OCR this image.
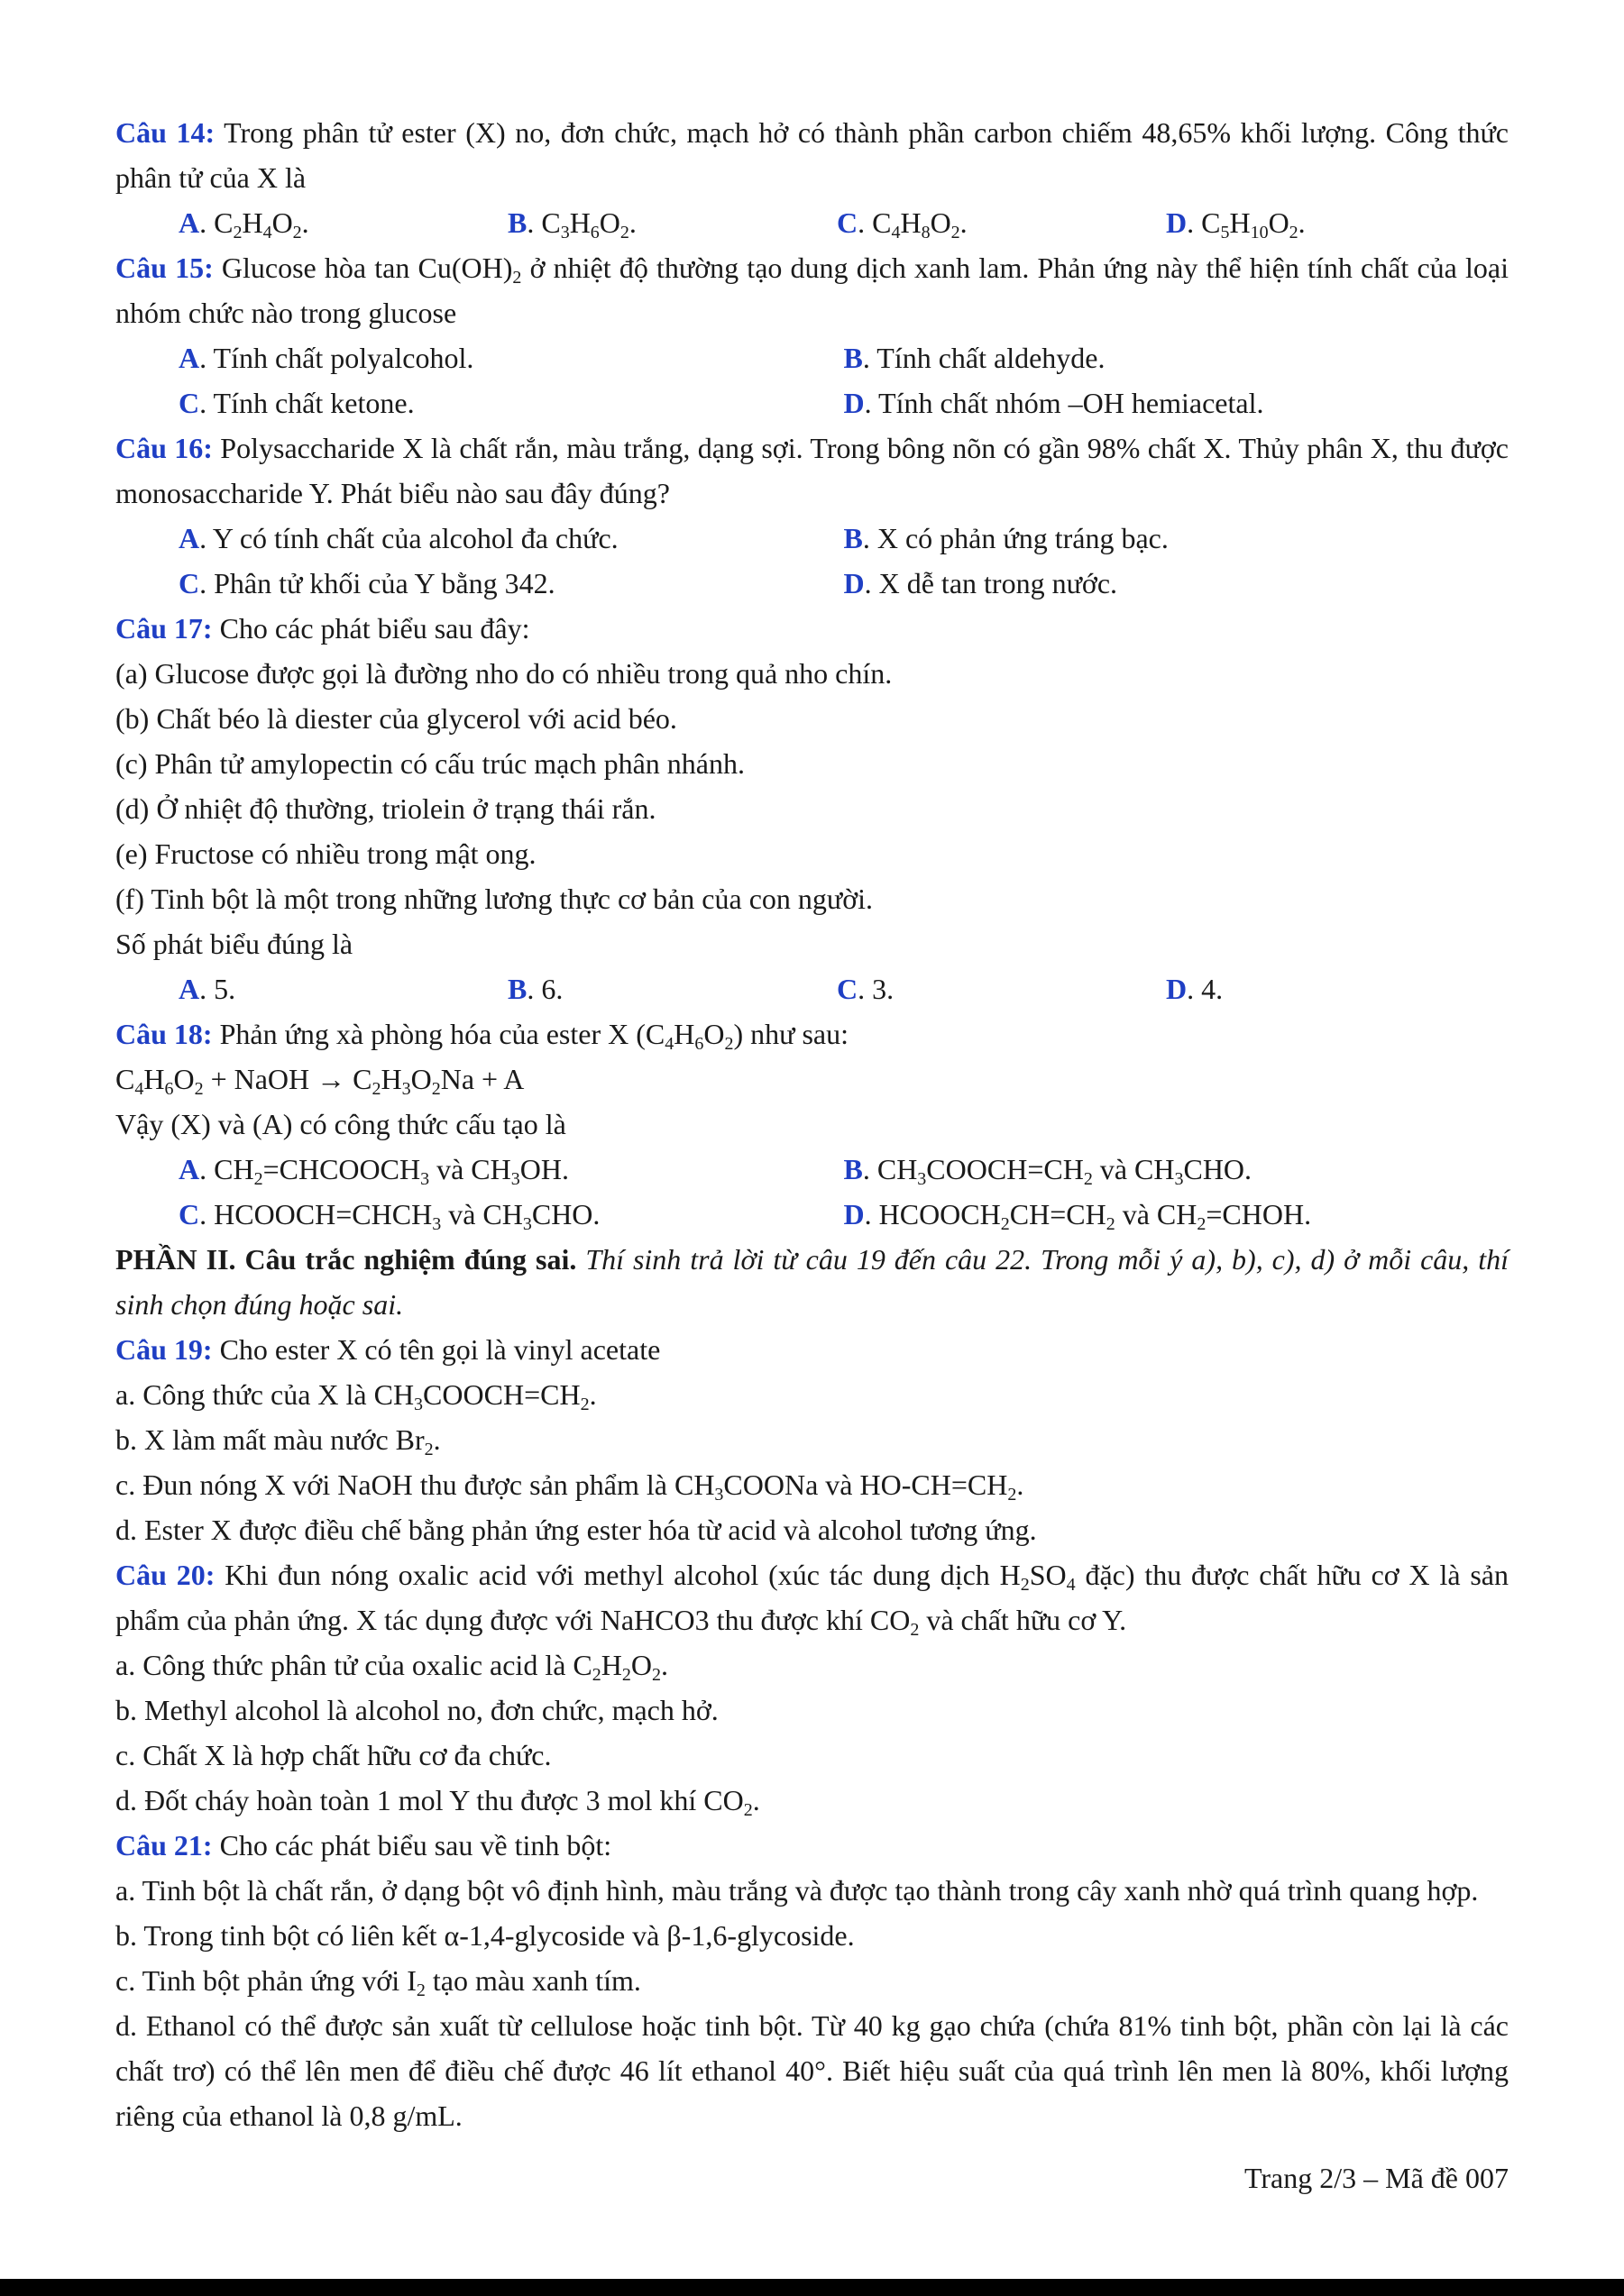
Câu 14: Trong phân tử ester (X) no, đơn chức, mạch hở có thành phần carbon chiếm 48,65% khối lượng. Công thức phân tử của X là

A. $C_2H_4O_2$.	B. $C_3H_6O_2$.	C. $C_4H_8O_2$.	D. $C_5H_{10}O_2$.

Câu 15: Glucose hòa $\tan Cu(OH)_2$ ở nhiệt độ thường tạo dung dịch xanh lam. Phản ứng này thể hiện tính chất của loại nhóm chức nào trong glucose

A. Tính chất polyalcohol.	B. Tính chất aldehyde.
C. Tính chất ketone.	D. Tính chất nhóm –OH hemiacetal.

Câu 16: Polysaccharide X là chất rắn, màu trắng, dạng sợi. Trong bông nõn có gần 98% chất X. Thủy phân X, thu được monosaccharide Y. Phát biểu nào sau đây đúng?

A. Y có tính chất của alcohol đa chức.	B. X có phản ứng tráng bạc.
C. Phân tử khối của Y bằng 342.	D. X dễ tan trong nước.

Câu 17: Cho các phát biểu sau đây:

(a) Glucose được gọi là đường nho do có nhiều trong quả nho chín.

(b) Chất béo là diester của glycerol với acid béo.

(c) Phân tử amylopectin có cấu trúc mạch phân nhánh.

(d) Ở nhiệt độ thường, triolein ở trạng thái rắn.

(e) Fructose có nhiều trong mật ong.

(f) Tinh bột là một trong những lương thực cơ bản của con người.

Số phát biểu đúng là

A. 5.	B. 6.	C. 3.	D. 4.

Câu 18: Phản ứng xà phòng hóa của ester X $(C_4H_6O_2)$ như sau:

$C_4H_6O_2$ + NaOH → $C_2H_3O_2Na + A$

Vậy (X) và (A) có công thức cấu tạo là

A. $CH_2=CHCOOCH_3$ và $CH_3OH$.	B. $CH_3COOCH=CH_2$ và $CH_3CHO$.
C. $HCOOCH=CHCH_3$ và $CH_3CHO$.	D. $HCOOCH_2CH=CH_2$ và $CH_2=CHOH$.

PHẦN II. Câu trắc nghiệm đúng sai. Thí sinh trả lời từ câu 19 đến câu 22. Trong mỗi ý a), b), c), d) ở mỗi câu, thí sinh chọn đúng hoặc sai.

Câu 19: Cho ester X có tên gọi là vinyl acetate

a. Công thức của X là $CH_3COOCH=CH_2$.

b. X làm mất màu nước $Br_2$.

c. Đun nóng X với NaOH thu được sản phẩm là $CH_3COONa$ và $HO-CH=CH_2$.

d. Ester X được điều chế bằng phản ứng ester hóa từ acid và alcohol tương ứng.

Câu 20: Khi đun nóng oxalic acid với methyl alcohol (xúc tác dung dịch $H_2SO_4$ đặc) thu được chất hữu cơ X là sản phẩm của phản ứng. X tác dụng được với NaHCO3 thu được khí $CO_2$ và chất hữu cơ Y.

a. Công thức phân tử của oxalic acid là $C_2H_2O_2$.

b. Methyl alcohol là alcohol no, đơn chức, mạch hở.

c. Chất X là hợp chất hữu cơ đa chức.

d. Đốt cháy hoàn toàn 1 mol Y thu được 3 mol khí $CO_2$.

Câu 21: Cho các phát biểu sau về tinh bột:

a. Tinh bột là chất rắn, ở dạng bột vô định hình, màu trắng và được tạo thành trong cây xanh nhờ quá trình quang hợp.

b. Trong tinh bột có liên kết α-1,4-glycoside và β-1,6-glycoside.

c. Tinh bột phản ứng với $I_2$ tạo màu xanh tím.

d. Ethanol có thể được sản xuất từ cellulose hoặc tinh bột. Từ 40 kg gạo chứa (chứa 81% tinh bột, phần còn lại là các chất trơ) có thể lên men để điều chế được 46 lít ethanol 40°. Biết hiệu suất của quá trình lên men là 80%, khối lượng riêng của ethanol là 0,8 g/mL.

Trang 2/3 – Mã đề 007
